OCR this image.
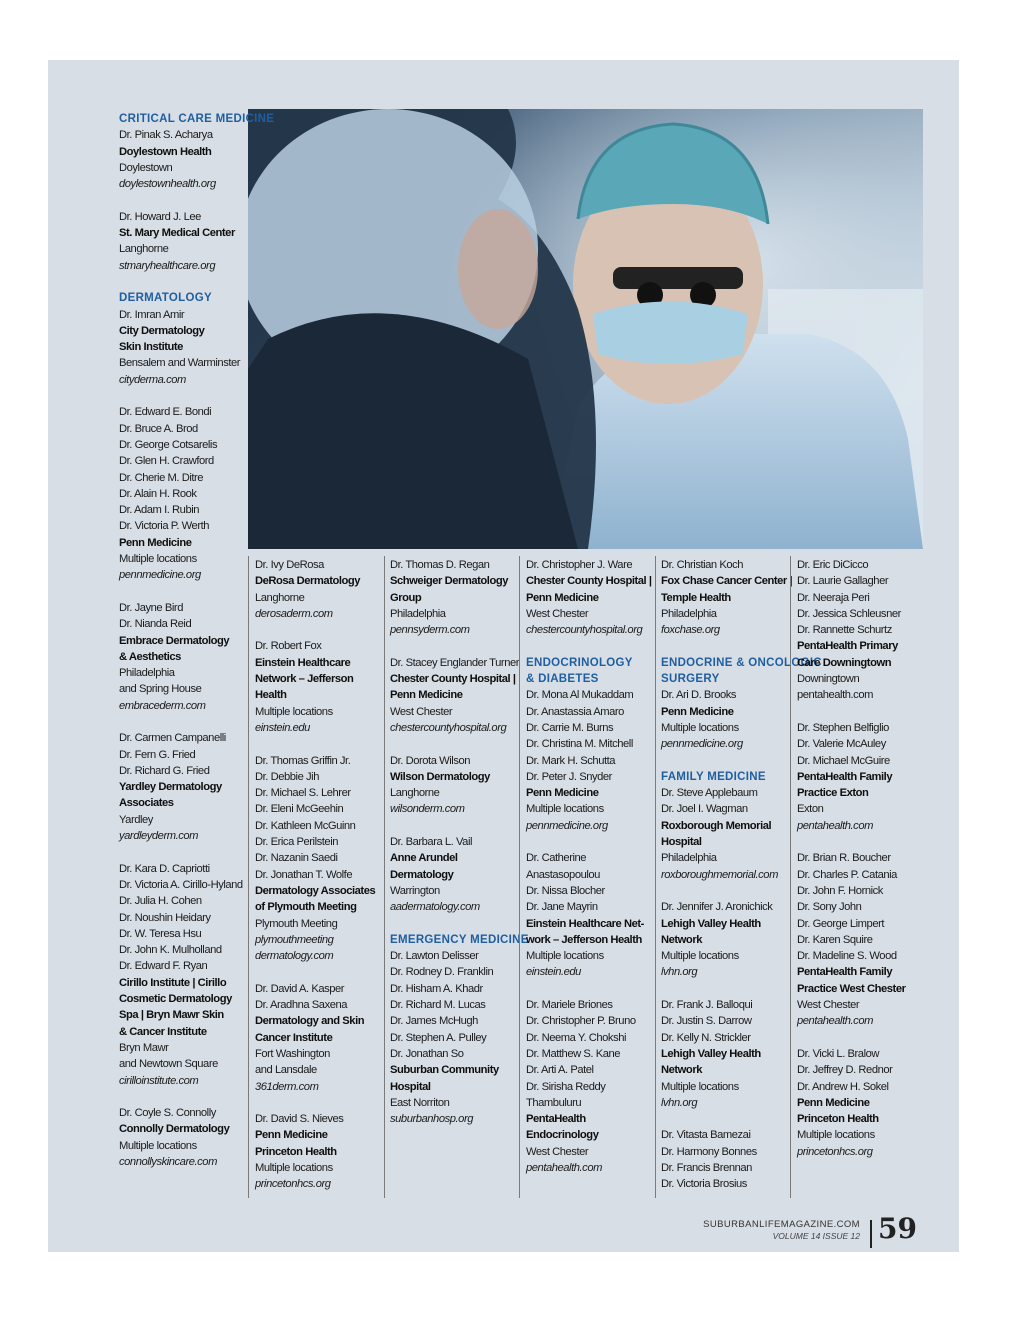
CRITICAL CARE MEDICINE
Dr. Pinak S. Acharya
Doylestown Health
Doylestown
doylestownhealth.org
Dr. Howard J. Lee
St. Mary Medical Center
Langhorne
stmaryhealthcare.org
DERMATOLOGY
Dr. Imran Amir
City Dermatology
Skin Institute
Bensalem and Warminster
cityderma.com
Dr. Edward E. Bondi
Dr. Bruce A. Brod
Dr. George Cotsarelis
Dr. Glen H. Crawford
Dr. Cherie M. Ditre
Dr. Alain H. Rook
Dr. Adam I. Rubin
Dr. Victoria P. Werth
Penn Medicine
Multiple locations
pennmedicine.org
Dr. Jayne Bird
Dr. Nianda Reid
Embrace Dermatology
& Aesthetics
Philadelphia
and Spring House
embracederm.com
Dr. Carmen Campanelli
Dr. Fern G. Fried
Dr. Richard G. Fried
Yardley Dermatology
Associates
Yardley
yardleyderm.com
Dr. Kara D. Capriotti
Dr. Victoria A. Cirillo-Hyland
Dr. Julia H. Cohen
Dr. Noushin Heidary
Dr. W. Teresa Hsu
Dr. John K. Mulholland
Dr. Edward F. Ryan
Cirillo Institute | Cirillo
Cosmetic Dermatology
Spa | Bryn Mawr Skin
& Cancer Institute
Bryn Mawr
and Newtown Square
cirilloinstitute.com
Dr. Coyle S. Connolly
Connolly Dermatology
Multiple locations
connollyskincare.com
Dr. Ivy DeRosa
DeRosa Dermatology
Langhorne
derosaderm.com
Dr. Robert Fox
Einstein Healthcare
Network – Jefferson
Health
Multiple locations
einstein.edu
Dr. Thomas Griffin Jr.
Dr. Debbie Jih
Dr. Michael S. Lehrer
Dr. Eleni McGeehin
Dr. Kathleen McGuinn
Dr. Erica Perilstein
Dr. Nazanin Saedi
Dr. Jonathan T. Wolfe
Dermatology Associates
of Plymouth Meeting
Plymouth Meeting
plymouthmeeting
dermatology.com
Dr. David A. Kasper
Dr. Aradhna Saxena
Dermatology and Skin
Cancer Institute
Fort Washington
and Lansdale
361derm.com
Dr. David S. Nieves
Penn Medicine
Princeton Health
Multiple locations
princetonhcs.org
Dr. Thomas D. Regan
Schweiger Dermatology
Group
Philadelphia
pennsyderm.com
Dr. Stacey Englander Turner
Chester County Hospital |
Penn Medicine
West Chester
chestercountyhospital.org
Dr. Dorota Wilson
Wilson Dermatology
Langhorne
wilsonderm.com
Dr. Barbara L. Vail
Anne Arundel
Dermatology
Warrington
aadermatology.com
EMERGENCY MEDICINE
Dr. Lawton Delisser
Dr. Rodney D. Franklin
Dr. Hisham A. Khadr
Dr. Richard M. Lucas
Dr. James McHugh
Dr. Stephen A. Pulley
Dr. Jonathan So
Suburban Community
Hospital
East Norriton
suburbanhosp.org
Dr. Christopher J. Ware
Chester County Hospital |
Penn Medicine
West Chester
chestercountyhospital.org
ENDOCRINOLOGY
& DIABETES
Dr. Mona Al Mukaddam
Dr. Anastassia Amaro
Dr. Carrie M. Burns
Dr. Christina M. Mitchell
Dr. Mark H. Schutta
Dr. Peter J. Snyder
Penn Medicine
Multiple locations
pennmedicine.org
Dr. Catherine
Anastasopoulou
Dr. Nissa Blocher
Dr. Jane Mayrin
Einstein Healthcare Net-
work – Jefferson Health
Multiple locations
einstein.edu
Dr. Mariele Briones
Dr. Christopher P. Bruno
Dr. Neema Y. Chokshi
Dr. Matthew S. Kane
Dr. Arti A. Patel
Dr. Sirisha Reddy
Thambuluru
PentaHealth
Endocrinology
West Chester
pentahealth.com
Dr. Christian Koch
Fox Chase Cancer Center |
Temple Health
Philadelphia
foxchase.org
ENDOCRINE & ONCOLOGIC
SURGERY
Dr. Ari D. Brooks
Penn Medicine
Multiple locations
pennmedicine.org
FAMILY MEDICINE
Dr. Steve Applebaum
Dr. Joel I. Wagman
Roxborough Memorial
Hospital
Philadelphia
roxboroughmemorial.com
Dr. Jennifer J. Aronichick
Lehigh Valley Health
Network
Multiple locations
lvhn.org
Dr. Frank J. Balloqui
Dr. Justin S. Darrow
Dr. Kelly N. Strickler
Lehigh Valley Health
Network
Multiple locations
lvhn.org
Dr. Vitasta Bamezai
Dr. Harmony Bonnes
Dr. Francis Brennan
Dr. Victoria Brosius
Dr. Eric DiCicco
Dr. Laurie Gallagher
Dr. Neeraja Peri
Dr. Jessica Schleusner
Dr. Rannette Schurtz
PentaHealth Primary
Care Downingtown
Downingtown
pentahealth.com
Dr. Stephen Belfiglio
Dr. Valerie McAuley
Dr. Michael McGuire
PentaHealth Family
Practice Exton
Exton
pentahealth.com
Dr. Brian R. Boucher
Dr. Charles P. Catania
Dr. John F. Hornick
Dr. Sony John
Dr. George Limpert
Dr. Karen Squire
Dr. Madeline S. Wood
PentaHealth Family
Practice West Chester
West Chester
pentahealth.com
Dr. Vicki L. Bralow
Dr. Jeffrey D. Rednor
Dr. Andrew H. Sokel
Penn Medicine
Princeton Health
Multiple locations
princetonhcs.org
SUBURBANLIFEMAGAZINE.COM
VOLUME 14 ISSUE 12 59
